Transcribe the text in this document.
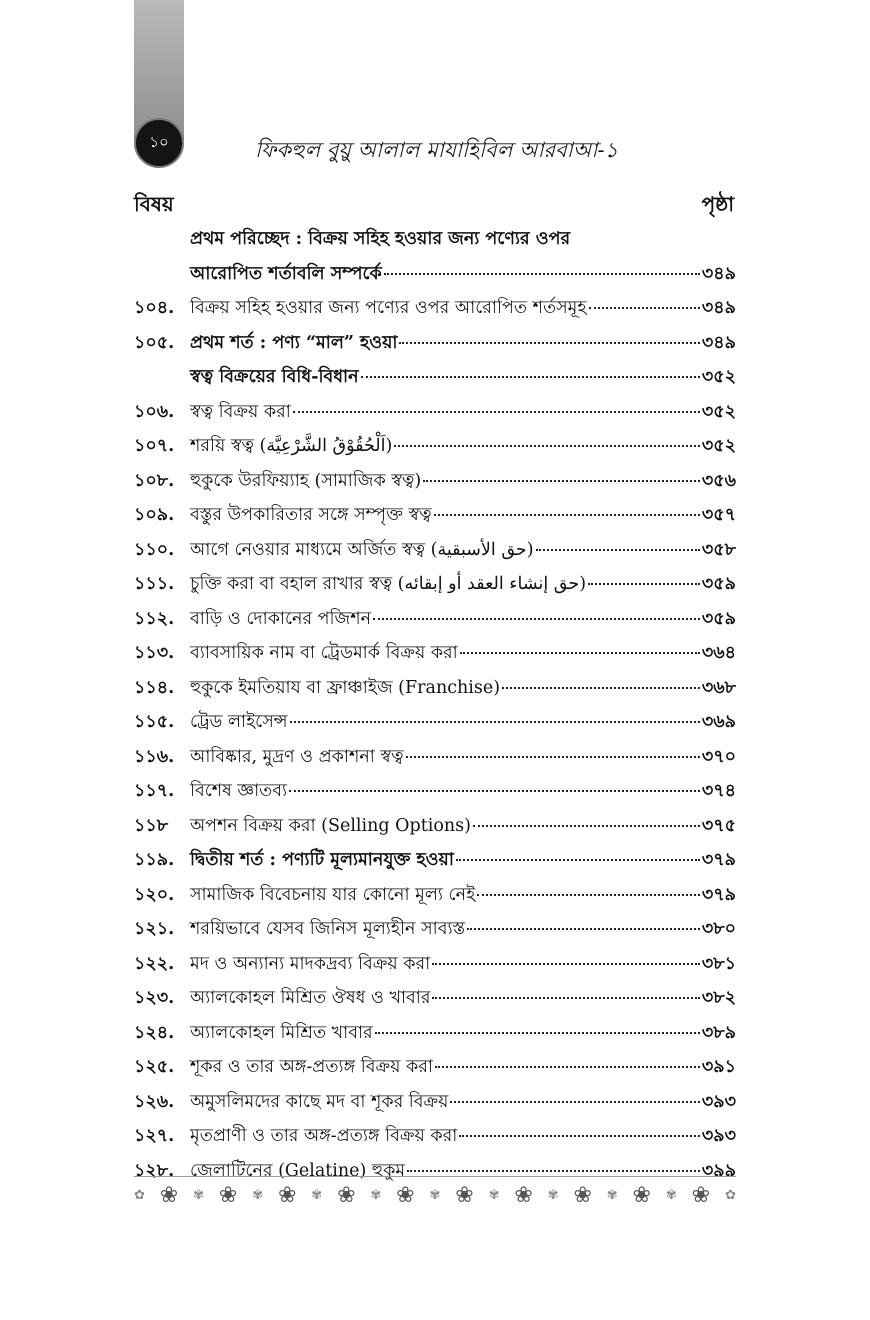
১০	ফিকহুল বুয়ু আলাল মাযাহিবিল আরবাআ-১
বিষয়	পৃষ্ঠা
প্রথম পরিচ্ছেদ : বিক্রয় সহিহ হওয়ার জন্য পণ্যের ওপর
আরোপিত শর্তাবলি সম্পর্কে	৩৪৯
১০৪. বিক্রয় সহিহ হওয়ার জন্য পণ্যের ওপর আরোপিত শর্তসমূহ	৩৪৯
১০৫. প্রথম শর্ত : পণ্য “মাল” হওয়া	৩৪৯
স্বত্ব বিক্রয়ের বিধি-বিধান	৩৫২
১০৬. স্বত্ব বিক্রয় করা	৩৫২
১০৭. শরয়ি স্বত্ব (اَلْحُقُوْقُ الشَّرْعِيَّة)	৩৫২
১০৮. হুকুকে উরফিয়্যাহ (সামাজিক স্বত্ব)	৩৫৬
১০৯. বস্তুর উপকারিতার সঙ্গে সম্পৃক্ত স্বত্ব	৩৫৭
১১০. আগে নেওয়ার মাধ্যমে অর্জিত স্বত্ব (حق الأسبقية)	৩৫৮
১১১. চুক্তি করা বা বহাল রাখার স্বত্ব (حق إنشاء العقد أو إبقائه)	৩৫৯
১১২. বাড়ি ও দোকানের পজিশন	৩৫৯
১১৩. ব্যাবসায়িক নাম বা ট্রেডমার্ক বিক্রয় করা	৩৬৪
১১৪. হুকুকে ইমতিয়ায বা ফ্রাঞ্চাইজ (Franchise)	৩৬৮
১১৫. ট্রেড লাইসেন্স	৩৬৯
১১৬. আবিষ্কার, মুদ্রণ ও প্রকাশনা স্বত্ব	৩৭০
১১৭. বিশেষ জ্ঞাতব্য	৩৭৪
১১৮	অপশন বিক্রয় করা (Selling Options)	৩৭৫
১১৯. দ্বিতীয় শর্ত : পণ্যটি মূল্যমানযুক্ত হওয়া	৩৭৯
১২০. সামাজিক বিবেচনায় যার কোনো মূল্য নেই	৩৭৯
১২১. শরয়িভাবে যেসব জিনিস মূল্যহীন সাব্যস্ত	৩৮০
১২২. মদ ও অন্যান্য মাদকদ্রব্য বিক্রয় করা	৩৮১
১২৩. অ্যালকোহল মিশ্রিত ঔষধ ও খাবার	৩৮২
১২৪. অ্যালকোহল মিশ্রিত খাবার	৩৮৯
১২৫. শূকর ও তার অঙ্গ-প্রত্যঙ্গ বিক্রয় করা	৩৯১
১২৬. অমুসলিমদের কাছে মদ বা শূকর বিক্রয়	৩৯৩
১২৭. মৃতপ্রাণী ও তার অঙ্গ-প্রত্যঙ্গ বিক্রয় করা	৩৯৩
১২৮. জেলাটিনের (Gelatine) হুকুম	৩৯৯
✿ ❀ ✾ ❀ ✾ ❀ ✾ ❀ ✾ ❀ ✾ ❀ ✾ ❀ ✾ ❀ ✾ ❀ ✾ ❀ ✿
